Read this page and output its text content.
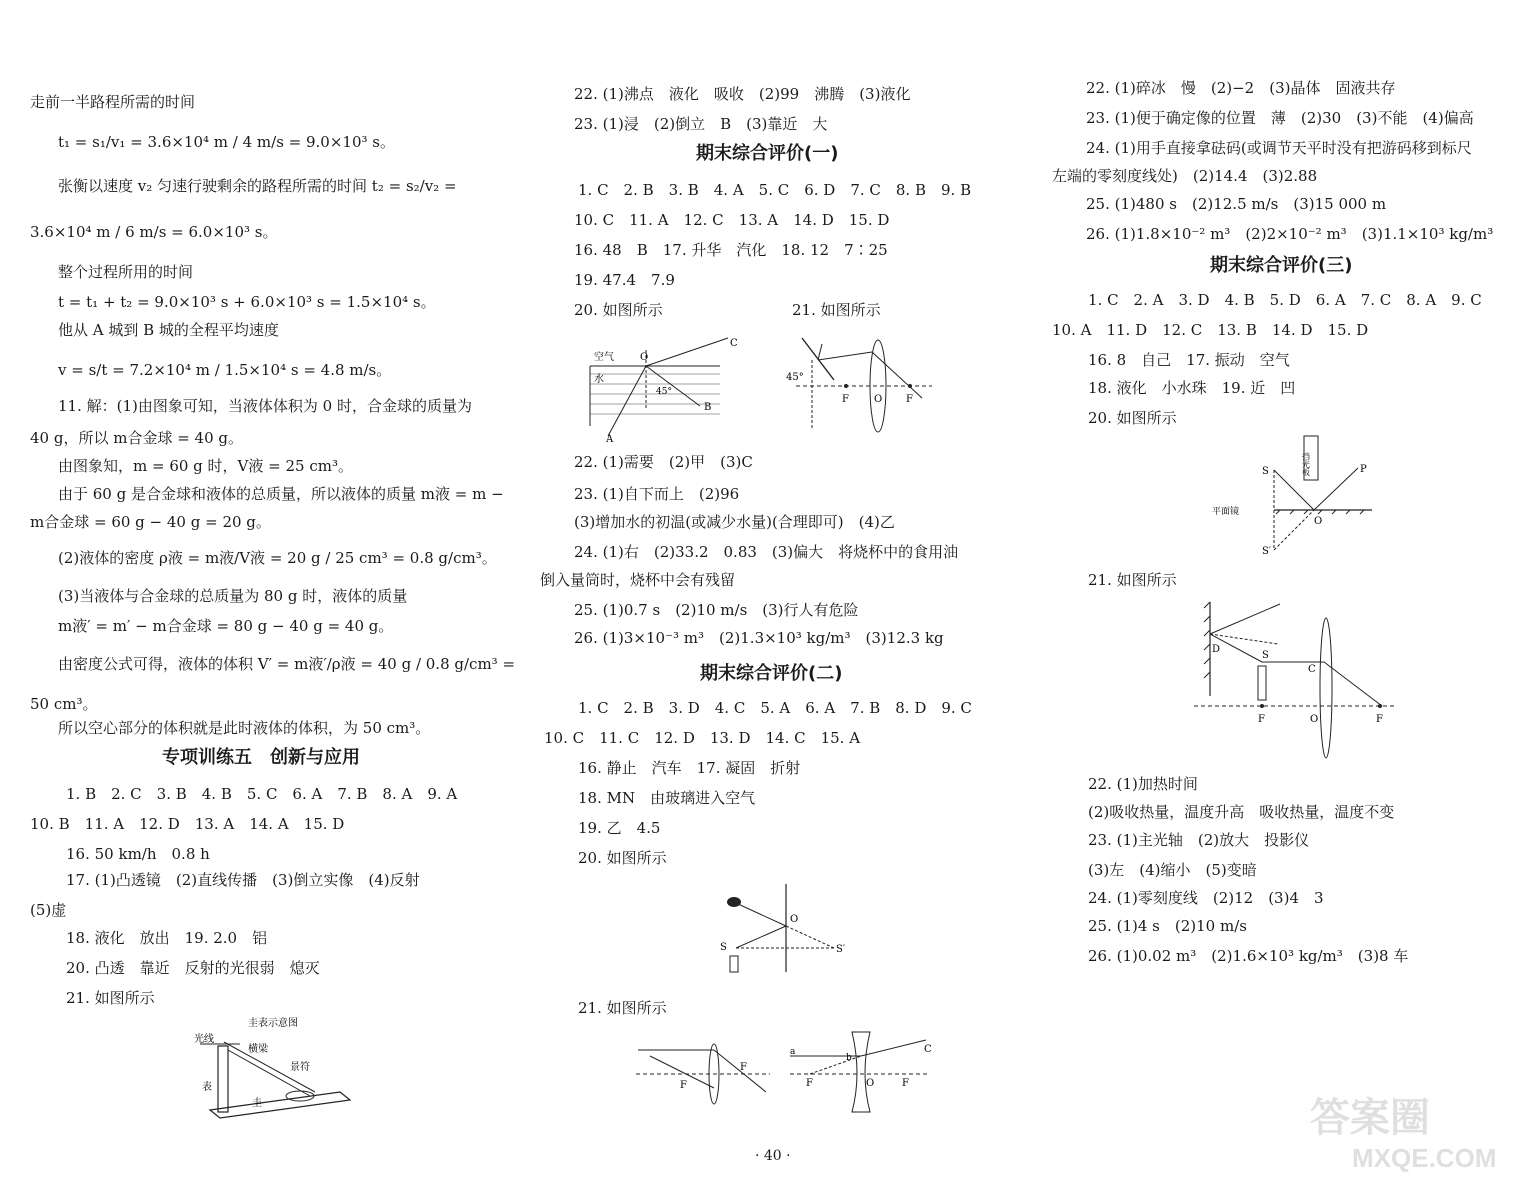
走前一半路程所需的时间
t₁ = s₁/v₁ = 3.6×10⁴ m / 4 m/s = 9.0×10³ s。
张衡以速度 v₂ 匀速行驶剩余的路程所需的时间 t₂ = s₂/v₂ =
3.6×10⁴ m / 6 m/s = 6.0×10³ s。
整个过程所用的时间
t = t₁ + t₂ = 9.0×10³ s + 6.0×10³ s = 1.5×10⁴ s。
他从 A 城到 B 城的全程平均速度
v = s/t = 7.2×10⁴ m / 1.5×10⁴ s = 4.8 m/s。
11. 解：(1)由图象可知，当液体体积为 0 时，合金球的质量为
40 g，所以 m合金球 = 40 g。
由图象知，m = 60 g 时，V液 = 25 cm³。
由于 60 g 是合金球和液体的总质量，所以液体的质量 m液 = m −
m合金球 = 60 g − 40 g = 20 g。
(2)液体的密度 ρ液 = m液/V液 = 20 g / 25 cm³ = 0.8 g/cm³。
(3)当液体与合金球的总质量为 80 g 时，液体的质量
m液′ = m′ − m合金球 = 80 g − 40 g = 40 g。
由密度公式可得，液体的体积 V′ = m液′/ρ液 = 40 g / 0.8 g/cm³ =
50 cm³。
所以空心部分的体积就是此时液体的体积，为 50 cm³。
专项训练五　创新与应用
1. B　2. C　3. B　4. B　5. C　6. A　7. B　8. A　9. A
10. B　11. A　12. D　13. A　14. A　15. D
16. 50 km/h　0.8 h
17. (1)凸透镜　(2)直线传播　(3)倒立实像　(4)反射
(5)虚
18. 液化　放出　19. 2.0　铝
20. 凸透　靠近　反射的光很弱　熄灭
21. 如图所示
圭表示意图
光线
横梁
表
景符
圭
22. (1)沸点　液化　吸收　(2)99　沸腾　(3)液化
23. (1)浸　(2)倒立　B　(3)靠近　大
期末综合评价(一)
1. C　2. B　3. B　4. A　5. C　6. D　7. C　8. B　9. B
10. C　11. A　12. C　13. A　14. D　15. D
16. 48　B　17. 升华　汽化　18. 12　7∶25
19. 47.4　7.9
20. 如图所示	21. 如图所示
空气
水
O
C
B
A
45°
45°
F	O F
22. (1)需要　(2)甲　(3)C
23. (1)自下而上　(2)96
(3)增加水的初温(或减少水量)(合理即可)　(4)乙
24. (1)右　(2)33.2　0.83　(3)偏大　将烧杯中的食用油
倒入量筒时，烧杯中会有残留
25. (1)0.7 s　(2)10 m/s　(3)行人有危险
26. (1)3×10⁻³ m³　(2)1.3×10³ kg/m³　(3)12.3 kg
期末综合评价(二)
1. C　2. B　3. D　4. C　5. A　6. A　7. B　8. D　9. C
10. C　11. C　12. D　13. D　14. C　15. A
16. 静止　汽车　17. 凝固　折射
18. MN　由玻璃进入空气
19. 乙　4.5
20. 如图所示
O
S	S′
21. 如图所示
F
F
a
b
C
F	O	F
22. (1)碎冰　慢　(2)−2　(3)晶体　固液共存
23. (1)便于确定像的位置　薄　(2)30　(3)不能　(4)偏高
24. (1)用手直接拿砝码(或调节天平时没有把游码移到标尺
左端的零刻度线处)　(2)14.4　(3)2.88
25. (1)480 s　(2)12.5 m/s　(3)15 000 m
26. (1)1.8×10⁻² m³　(2)2×10⁻² m³　(3)1.1×10³ kg/m³
期末综合评价(三)
1. C　2. A　3. D　4. B　5. D　6. A　7. C　8. A　9. C
10. A　11. D　12. C　13. B　14. D　15. D
16. 8　自己　17. 振动　空气
18. 液化　小水珠　19. 近　凹
20. 如图所示
挡光板
S	P
平面镜
O
S′
21. 如图所示
D
S
C
F	O	F
22. (1)加热时间
(2)吸收热量，温度升高　吸收热量，温度不变
23. (1)主光轴　(2)放大　投影仪
(3)左　(4)缩小　(5)变暗
24. (1)零刻度线　(2)12　(3)4　3
25. (1)4 s　(2)10 m/s
26. (1)0.02 m³　(2)1.6×10³ kg/m³　(3)8 车
· 40 ·
答案圈
MXQE.COM
